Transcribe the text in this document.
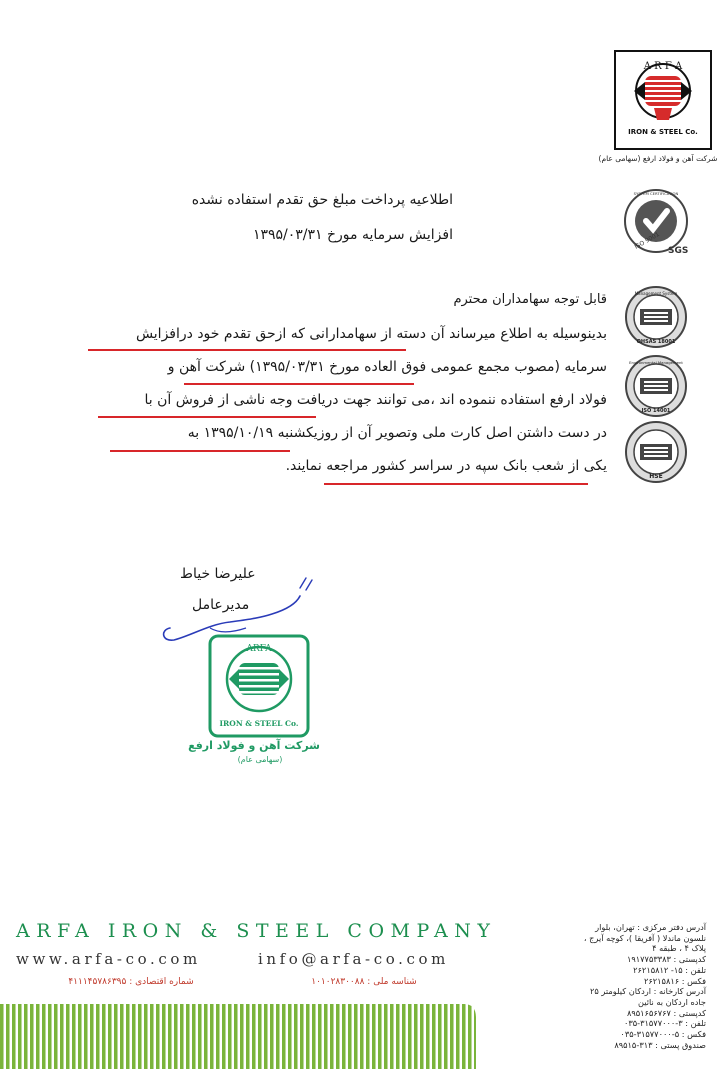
A R F A
IRON & STEEL Co.
شرکت آهن و فولاد ارفع (سهامی عام)
ISO 9001
SGS
SYSTEM CERTIFICATION
Management System
OHSAS 18001
Environmental Management
ISO 14001
HSE
اطلاعیه پرداخت مبلغ حق تقدم استفاده نشده
افزایش سرمایه مورخ ۱۳۹۵/۰۳/۳۱
قابل توجه سهامداران محترم
بدینوسیله به اطلاع میرساند آن دسته از سهامدارانی که ازحق تقدم خود درافزایش
سرمایه (مصوب مجمع عمومی فوق العاده مورخ ۱۳۹۵/۰۳/۳۱) شرکت آهن و
فولاد ارفع استفاده ننموده اند ،می توانند جهت دریافت وجه ناشی از فروش آن با
در دست داشتن اصل کارت ملی وتصویر آن از روزیکشنبه ۱۳۹۵/۱۰/۱۹ به
یکی از شعب بانک سپه در سراسر کشور مراجعه نمایند.
علیرضا خیاط
مدیرعامل
ARFA
IRON & STEEL Co.
شرکت آهن و فولاد ارفع
(سهامی عام)
ARFA IRON & STEEL COMPANY
www.arfa-co.com	info@arfa-co.com
شماره اقتصادی : ۴۱۱۱۴۵۷۸۶۳۹۵	شناسه ملی : ۱۰۱۰۲۸۳۰۰۸۸
آدرس دفتر مرکزی : تهران، بلوار
نلسون ماندلا ( آفریقا )، کوچه آیرج ،
پلاک ۴ ، طبقه ۴
کدپستی : ۱۹۱۷۷۵۳۳۸۳
تلفن : ۱۵- ۲۶۲۱۵۸۱۲
فکس : ۲۶۲۱۵۸۱۶
آدرس کارخانه : اردکان کیلومتر ۲۵
جاده اردکان به نائین
کدپستی : ۸۹۵۱۶۵۶۷۶۷
تلفن : ۳-۳۱۵۷۷۰۰۰-۰۳۵
فکس : ۵-۳۱۵۷۷۰۰۰-۰۳۵
صندوق پستی : ۳۱۳-۸۹۵۱۵
